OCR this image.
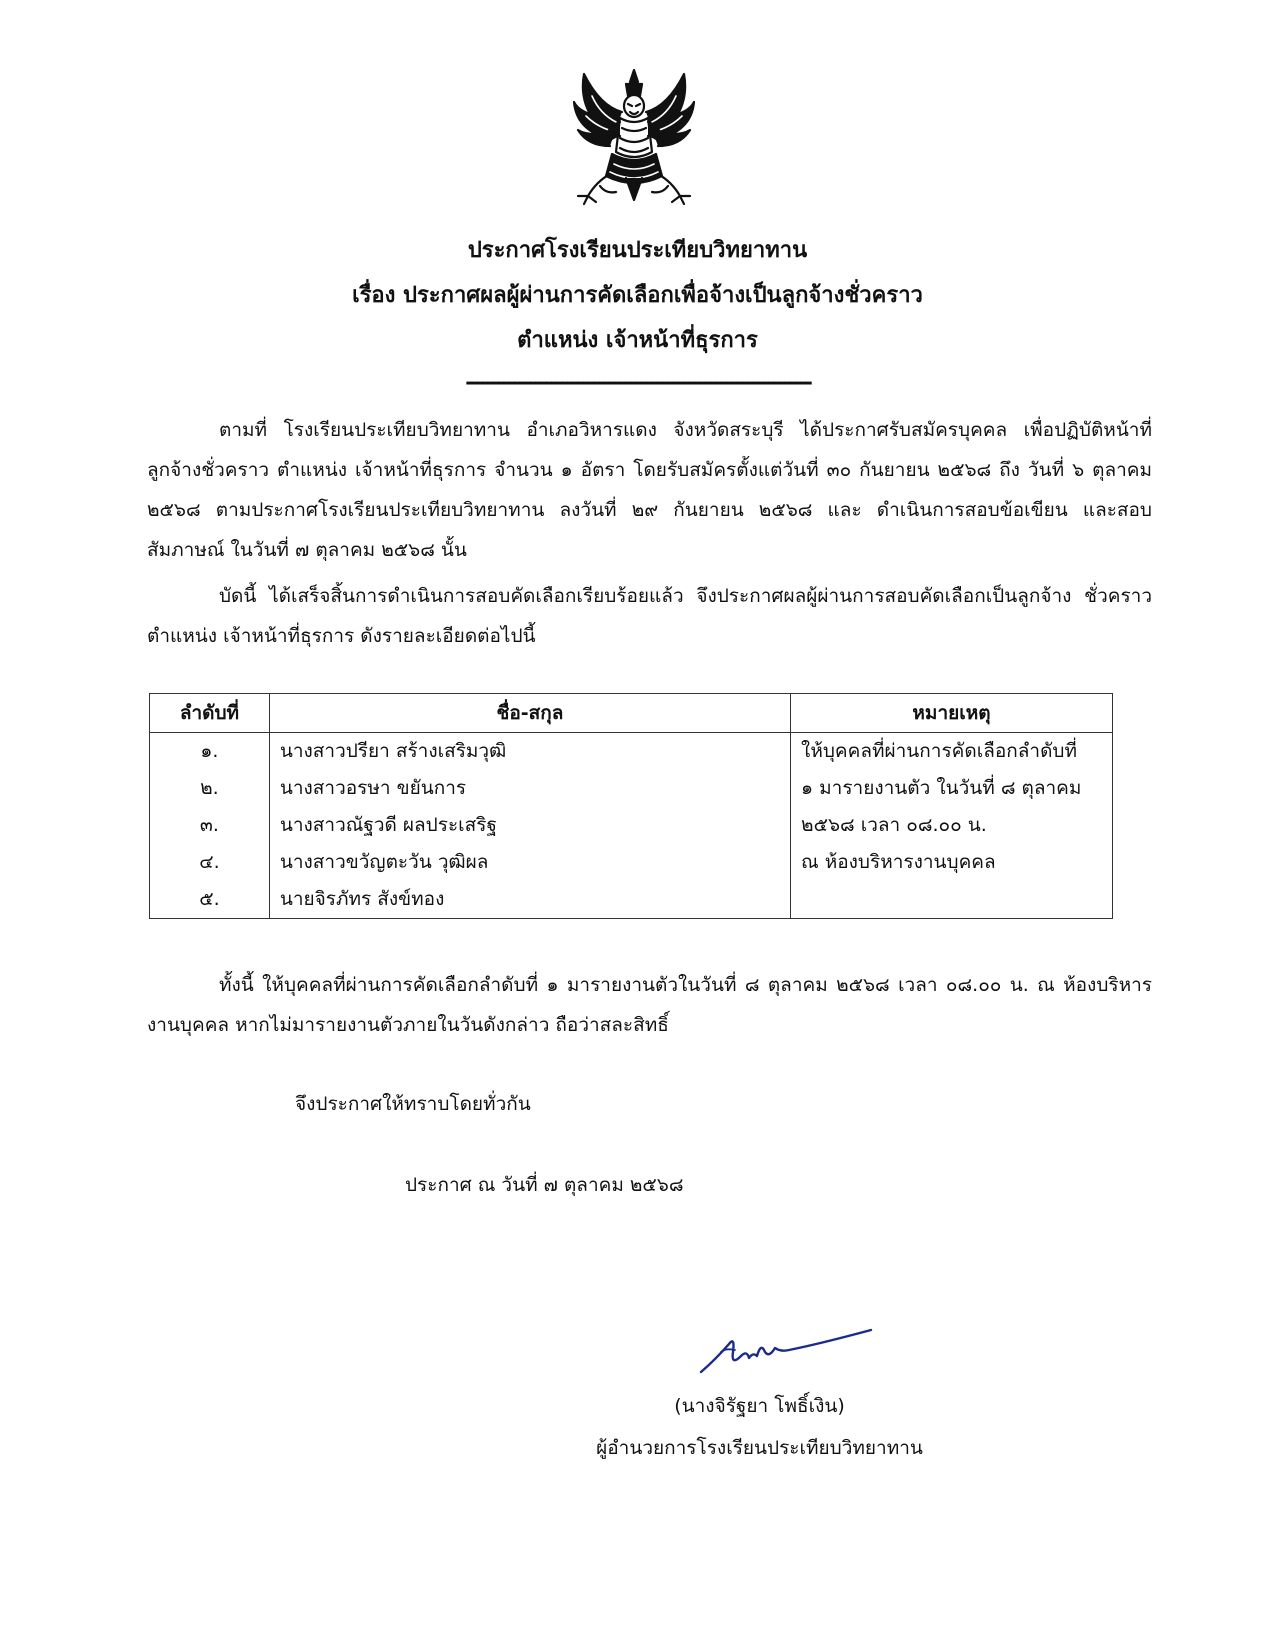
ประกาศโรงเรียนประเทียบวิทยาทาน
เรื่อง ประกาศผลผู้ผ่านการคัดเลือกเพื่อจ้างเป็นลูกจ้างชั่วคราว
ตำแหน่ง เจ้าหน้าที่ธุรการ
-----------------------------------------------------------------

ตามที่ โรงเรียนประเทียบวิทยาทาน อำเภอวิหารแดง จังหวัดสระบุรี ได้ประกาศรับสมัครบุคคล เพื่อปฏิบัติหน้าที่ ลูกจ้างชั่วคราว ตำแหน่ง เจ้าหน้าที่ธุรการ จำนวน ๑ อัตรา โดยรับสมัครตั้งแต่วันที่ ๓๐ กันยายน ๒๕๖๘ ถึง วันที่ ๖ ตุลาคม ๒๕๖๘ ตามประกาศโรงเรียนประเทียบวิทยาทาน ลงวันที่ ๒๙ กันยายน ๒๕๖๘ และ ดำเนินการสอบข้อเขียน และสอบสัมภาษณ์ ในวันที่ ๗ ตุลาคม ๒๕๖๘ นั้น

บัดนี้ ได้เสร็จสิ้นการดำเนินการสอบคัดเลือกเรียบร้อยแล้ว จึงประกาศผลผู้ผ่านการสอบคัดเลือกเป็นลูกจ้าง ชั่วคราว ตำแหน่ง เจ้าหน้าที่ธุรการ ดังรายละเอียดต่อไปนี้

ลำดับที่	ชื่อ-สกุล	หมายเหตุ
๑.	นางสาวปรียา สร้างเสริมวุฒิ	ให้บุคคลที่ผ่านการคัดเลือกลำดับที่
๒.	นางสาวอรษา ขยันการ	๑ มารายงานตัว ในวันที่ ๘ ตุลาคม
๓.	นางสาวณัฐวดี ผลประเสริฐ	๒๕๖๘ เวลา ๐๘.๐๐ น.
๔.	นางสาวขวัญตะวัน วุฒิผล	ณ ห้องบริหารงานบุคคล
๕.	นายจิรภัทร สังข์ทอง	

ทั้งนี้ ให้บุคคลที่ผ่านการคัดเลือกลำดับที่ ๑ มารายงานตัวในวันที่ ๘ ตุลาคม ๒๕๖๘ เวลา ๐๘.๐๐ น. ณ ห้องบริหารงานบุคคล หากไม่มารายงานตัวภายในวันดังกล่าว ถือว่าสละสิทธิ์

จึงประกาศให้ทราบโดยทั่วกัน

ประกาศ ณ วันที่ ๗ ตุลาคม ๒๕๖๘

(นางจิรัฐยา โพธิ์เงิน)

ผู้อำนวยการโรงเรียนประเทียบวิทยาทาน
